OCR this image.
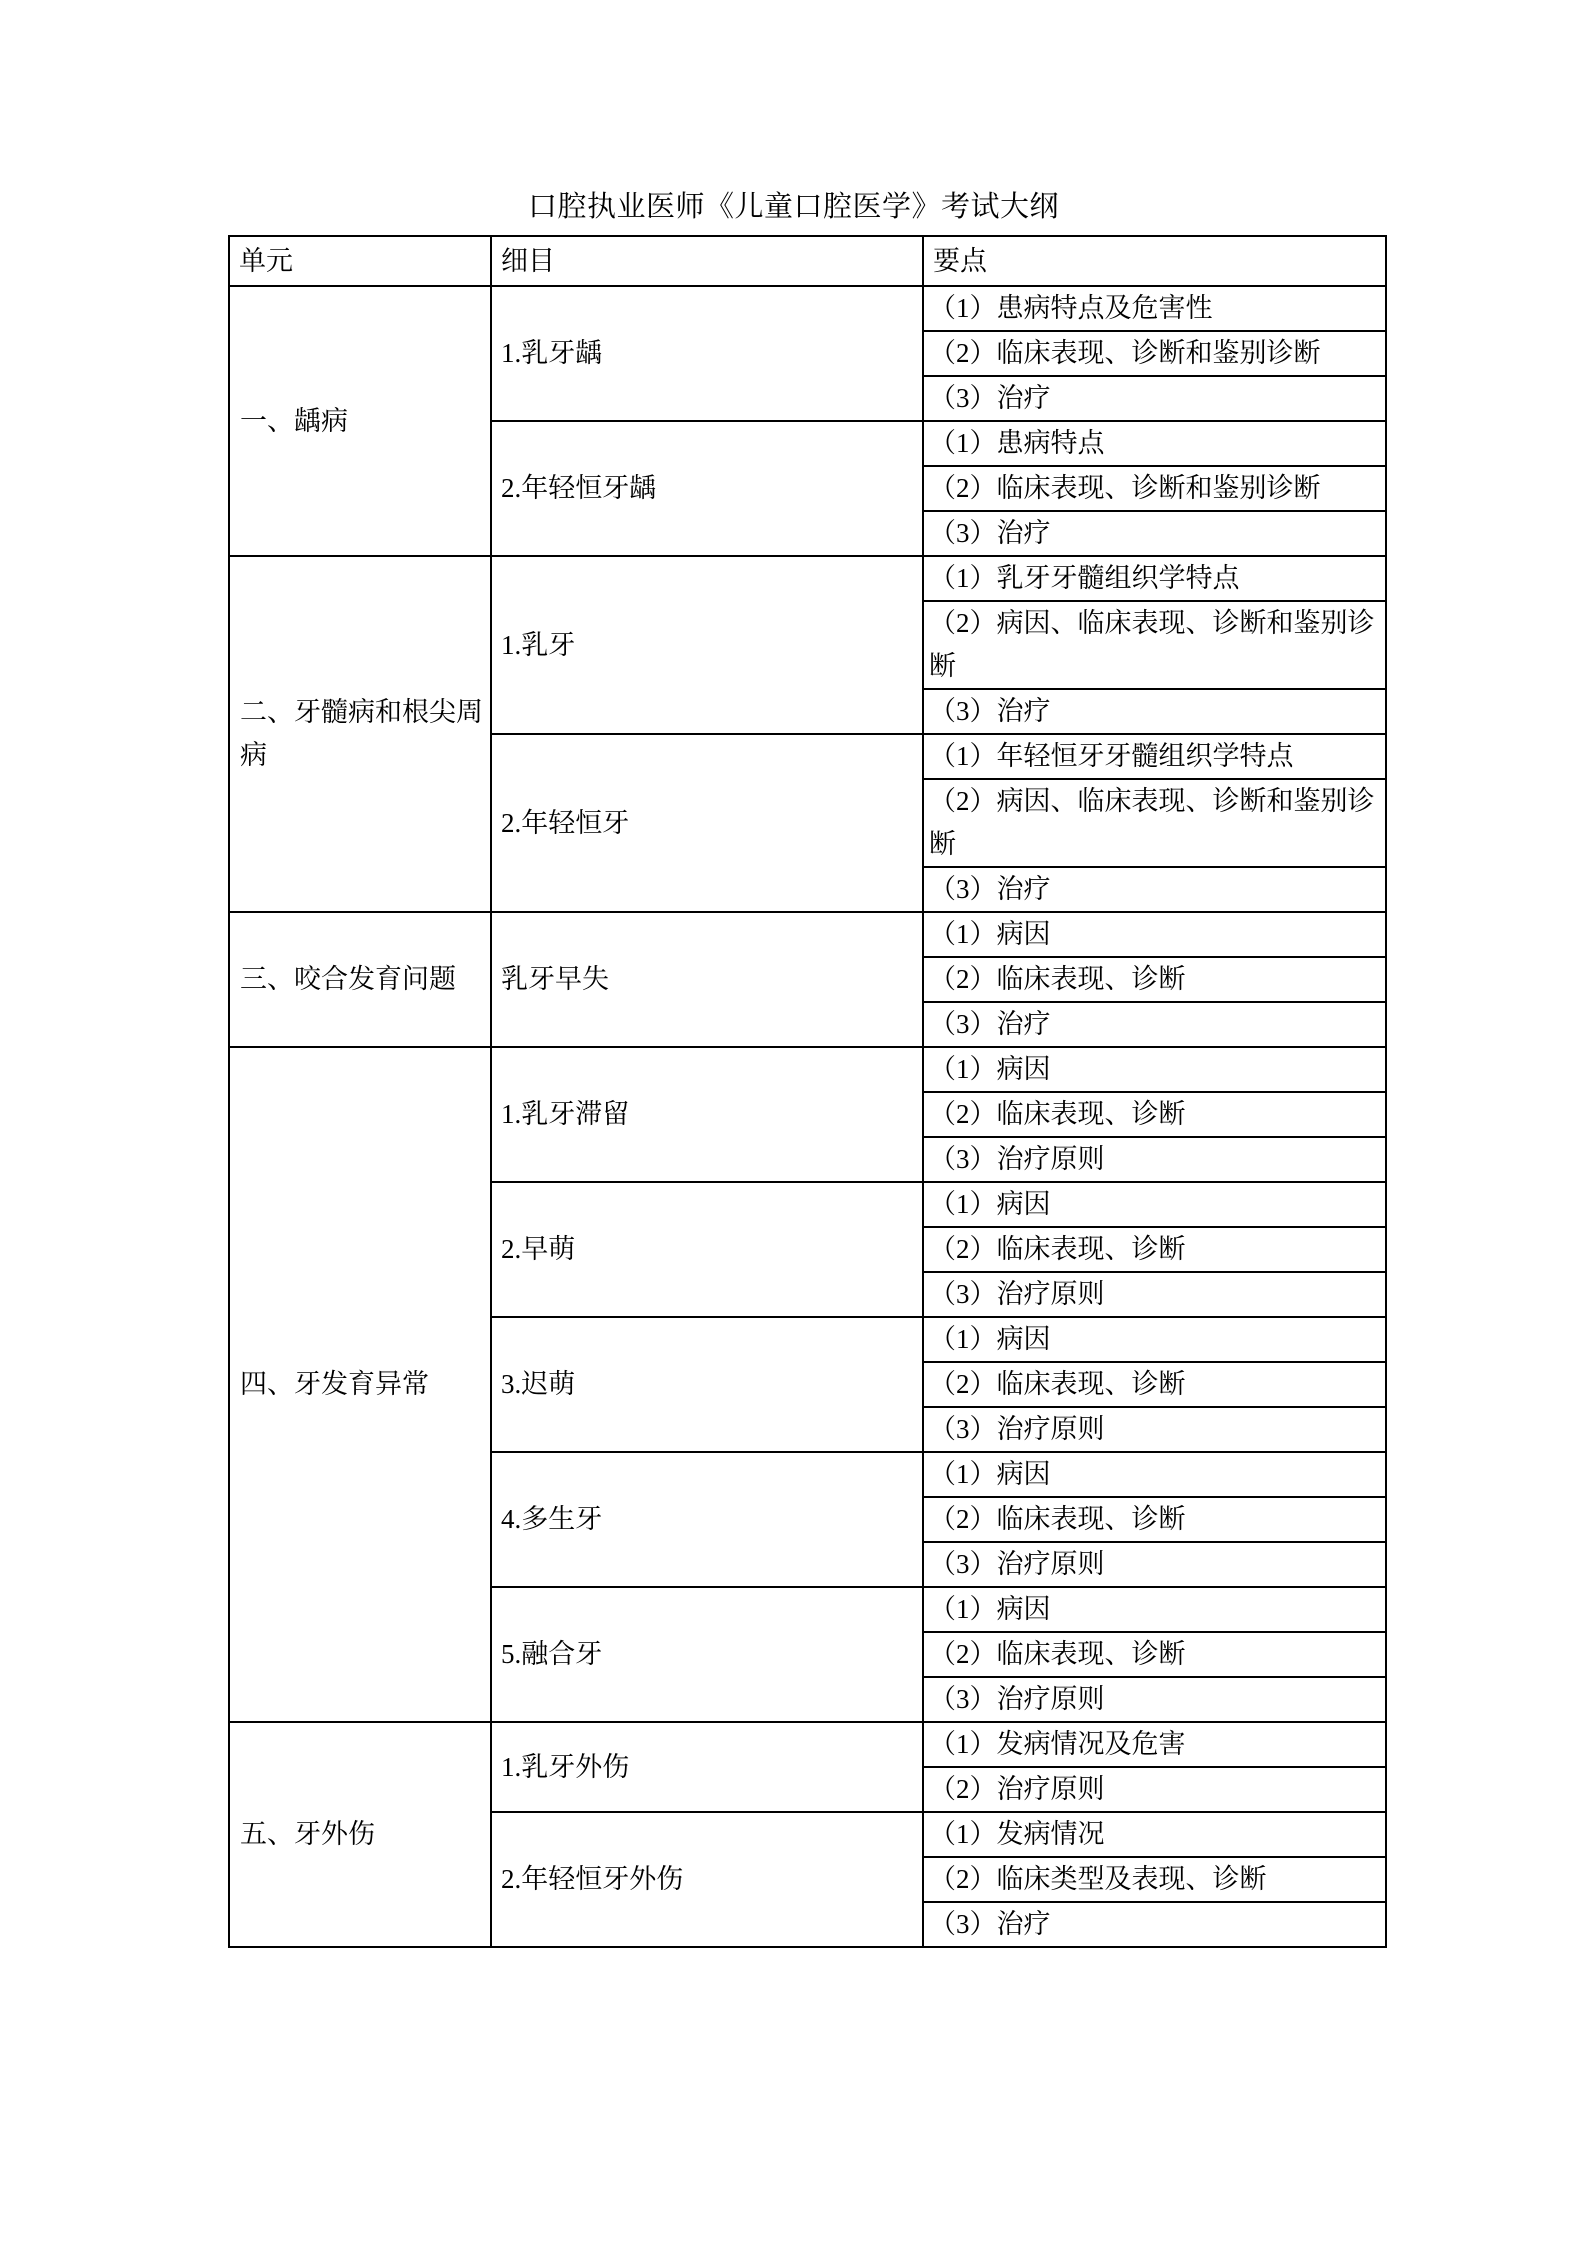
口腔执业医师《儿童口腔医学》考试大纲
单元	细目	要点
一、龋病	1.乳牙龋	（1）患病特点及危害性
		（2）临床表现、诊断和鉴别诊断
		（3）治疗
	2.年轻恒牙龋	（1）患病特点
		（2）临床表现、诊断和鉴别诊断
		（3）治疗
二、牙髓病和根尖周病	1.乳牙	（1）乳牙牙髓组织学特点
		（2）病因、临床表现、诊断和鉴别诊断
		（3）治疗
	2.年轻恒牙	（1）年轻恒牙牙髓组织学特点
		（2）病因、临床表现、诊断和鉴别诊断
		（3）治疗
三、咬合发育问题	乳牙早失	（1）病因
		（2）临床表现、诊断
		（3）治疗
四、牙发育异常	1.乳牙滞留	（1）病因
		（2）临床表现、诊断
		（3）治疗原则
	2.早萌	（1）病因
		（2）临床表现、诊断
		（3）治疗原则
	3.迟萌	（1）病因
		（2）临床表现、诊断
		（3）治疗原则
	4.多生牙	（1）病因
		（2）临床表现、诊断
		（3）治疗原则
	5.融合牙	（1）病因
		（2）临床表现、诊断
		（3）治疗原则
五、牙外伤	1.乳牙外伤	（1）发病情况及危害
		（2）治疗原则
	2.年轻恒牙外伤	（1）发病情况
		（2）临床类型及表现、诊断
		（3）治疗
